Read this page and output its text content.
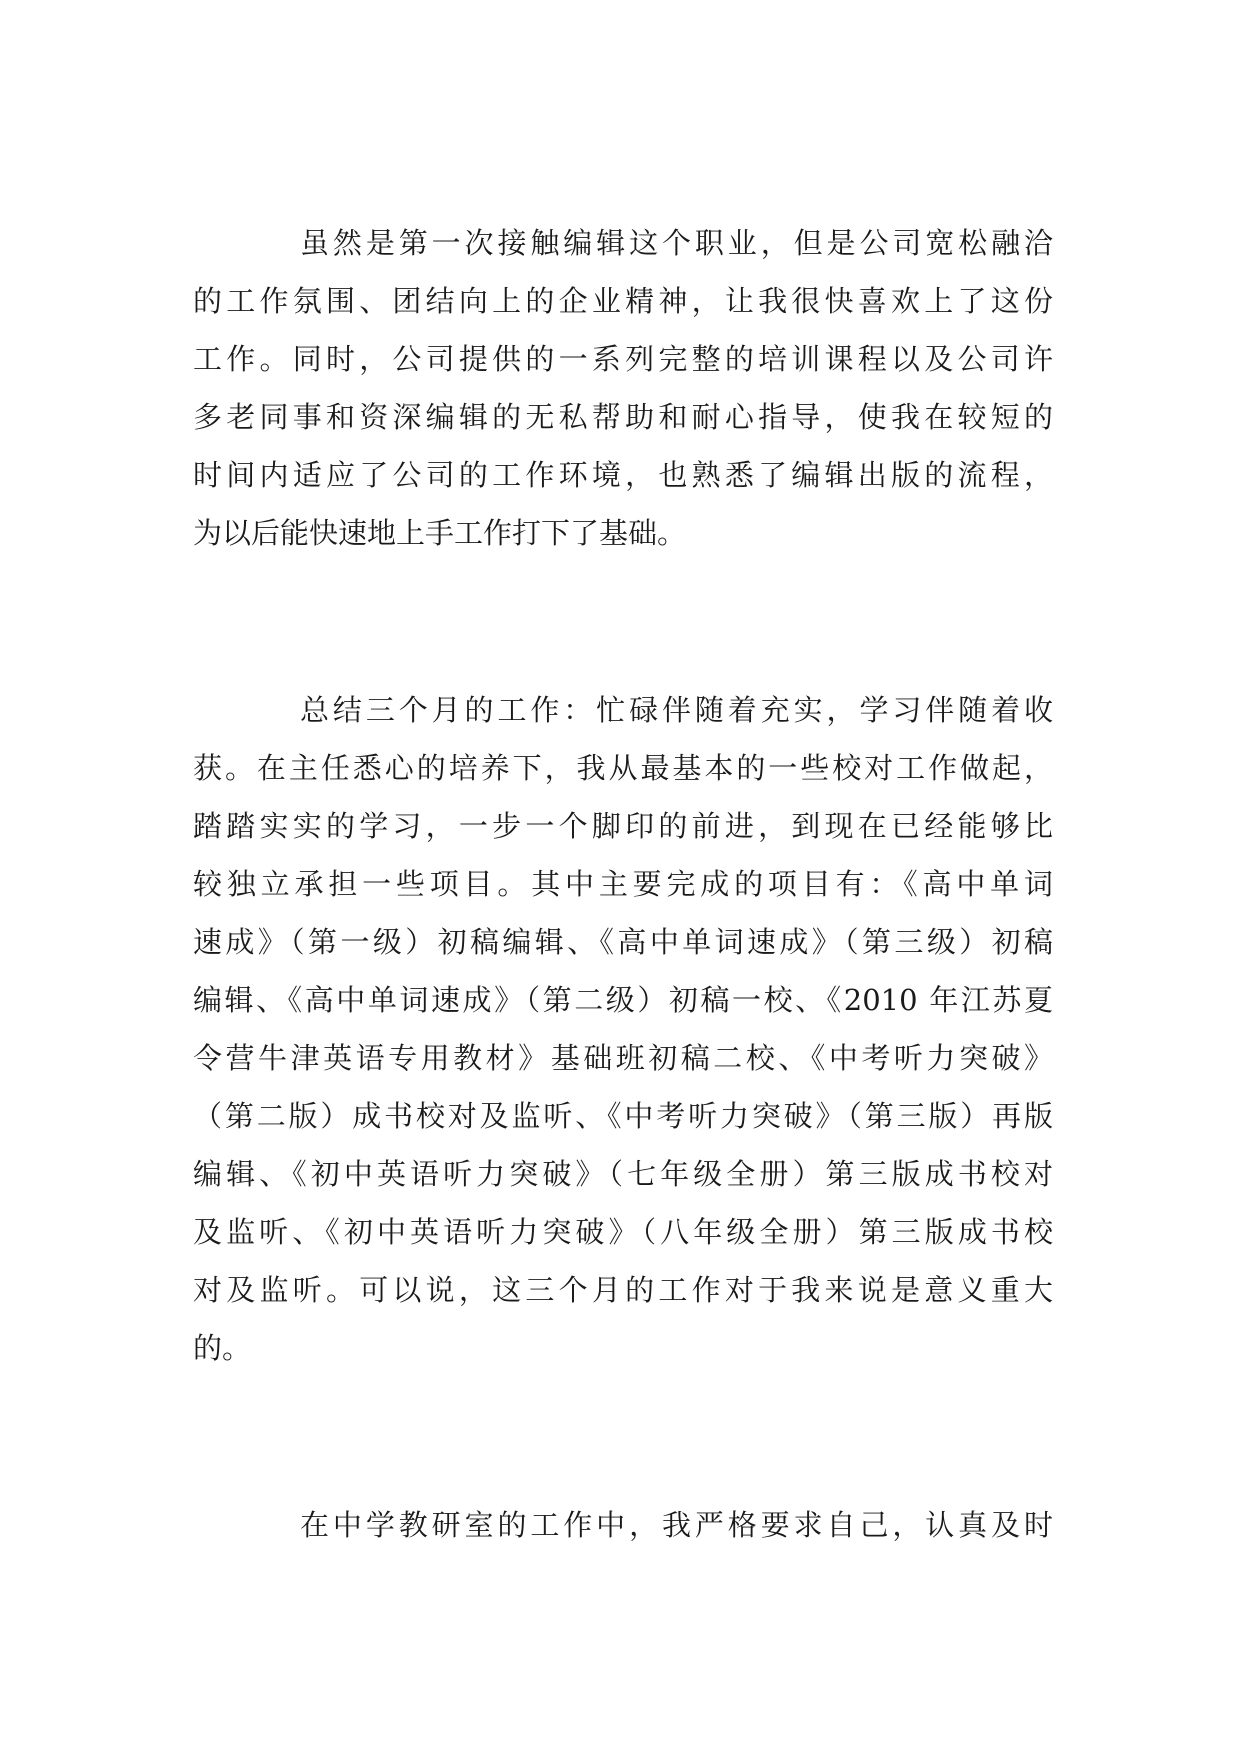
虽然是第一次接触编辑这个职业，但是公司宽松融洽
的工作氛围、团结向上的企业精神，让我很快喜欢上了这份
工作。同时，公司提供的一系列完整的培训课程以及公司许
多老同事和资深编辑的无私帮助和耐心指导，使我在较短的
时间内适应了公司的工作环境，也熟悉了编辑出版的流程，
为以后能快速地上手工作打下了基础。
总结三个月的工作：忙碌伴随着充实，学习伴随着收
获。在主任悉心的培养下，我从最基本的一些校对工作做起，
踏踏实实的学习，一步一个脚印的前进，到现在已经能够比
较独立承担一些项目。其中主要完成的项目有：《高中单词
速成》（第一级）初稿编辑、《高中单词速成》（第三级）初稿
编辑、《高中单词速成》（第二级）初稿一校、《2010 年江苏夏
令营牛津英语专用教材》基础班初稿二校、《中考听力突破》
（第二版）成书校对及监听、《中考听力突破》（第三版）再版
编辑、《初中英语听力突破》（七年级全册）第三版成书校对
及监听、《初中英语听力突破》（八年级全册）第三版成书校
对及监听。可以说，这三个月的工作对于我来说是意义重大
的。
在中学教研室的工作中，我严格要求自己，认真及时
